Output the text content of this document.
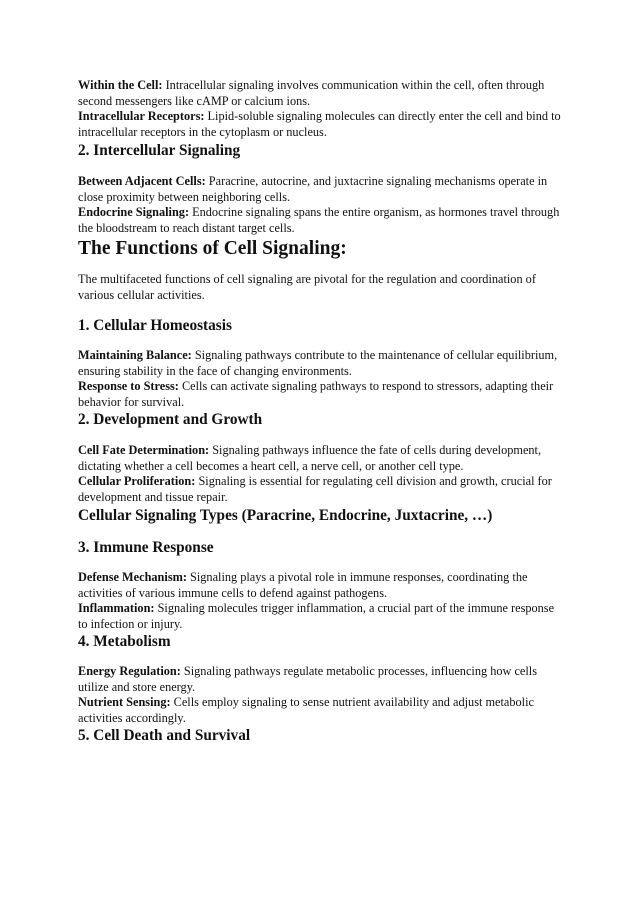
Within the Cell: Intracellular signaling involves communication within the cell, often through second messengers like cAMP or calcium ions.

Intracellular Receptors: Lipid-soluble signaling molecules can directly enter the cell and bind to intracellular receptors in the cytoplasm or nucleus.

2. Intercellular Signaling

Between Adjacent Cells: Paracrine, autocrine, and juxtacrine signaling mechanisms operate in close proximity between neighboring cells.

Endocrine Signaling: Endocrine signaling spans the entire organism, as hormones travel through the bloodstream to reach distant target cells.

The Functions of Cell Signaling:

The multifaceted functions of cell signaling are pivotal for the regulation and coordination of various cellular activities.

1. Cellular Homeostasis

Maintaining Balance: Signaling pathways contribute to the maintenance of cellular equilibrium, ensuring stability in the face of changing environments.

Response to Stress: Cells can activate signaling pathways to respond to stressors, adapting their behavior for survival.

2. Development and Growth

Cell Fate Determination: Signaling pathways influence the fate of cells during development, dictating whether a cell becomes a heart cell, a nerve cell, or another cell type.

Cellular Proliferation: Signaling is essential for regulating cell division and growth, crucial for development and tissue repair.

Cellular Signaling Types (Paracrine, Endocrine, Juxtacrine, …)
3. Immune Response

Defense Mechanism: Signaling plays a pivotal role in immune responses, coordinating the activities of various immune cells to defend against pathogens.

Inflammation: Signaling molecules trigger inflammation, a crucial part of the immune response to infection or injury.

4. Metabolism

Energy Regulation: Signaling pathways regulate metabolic processes, influencing how cells utilize and store energy.

Nutrient Sensing: Cells employ signaling to sense nutrient availability and adjust metabolic activities accordingly.

5. Cell Death and Survival
